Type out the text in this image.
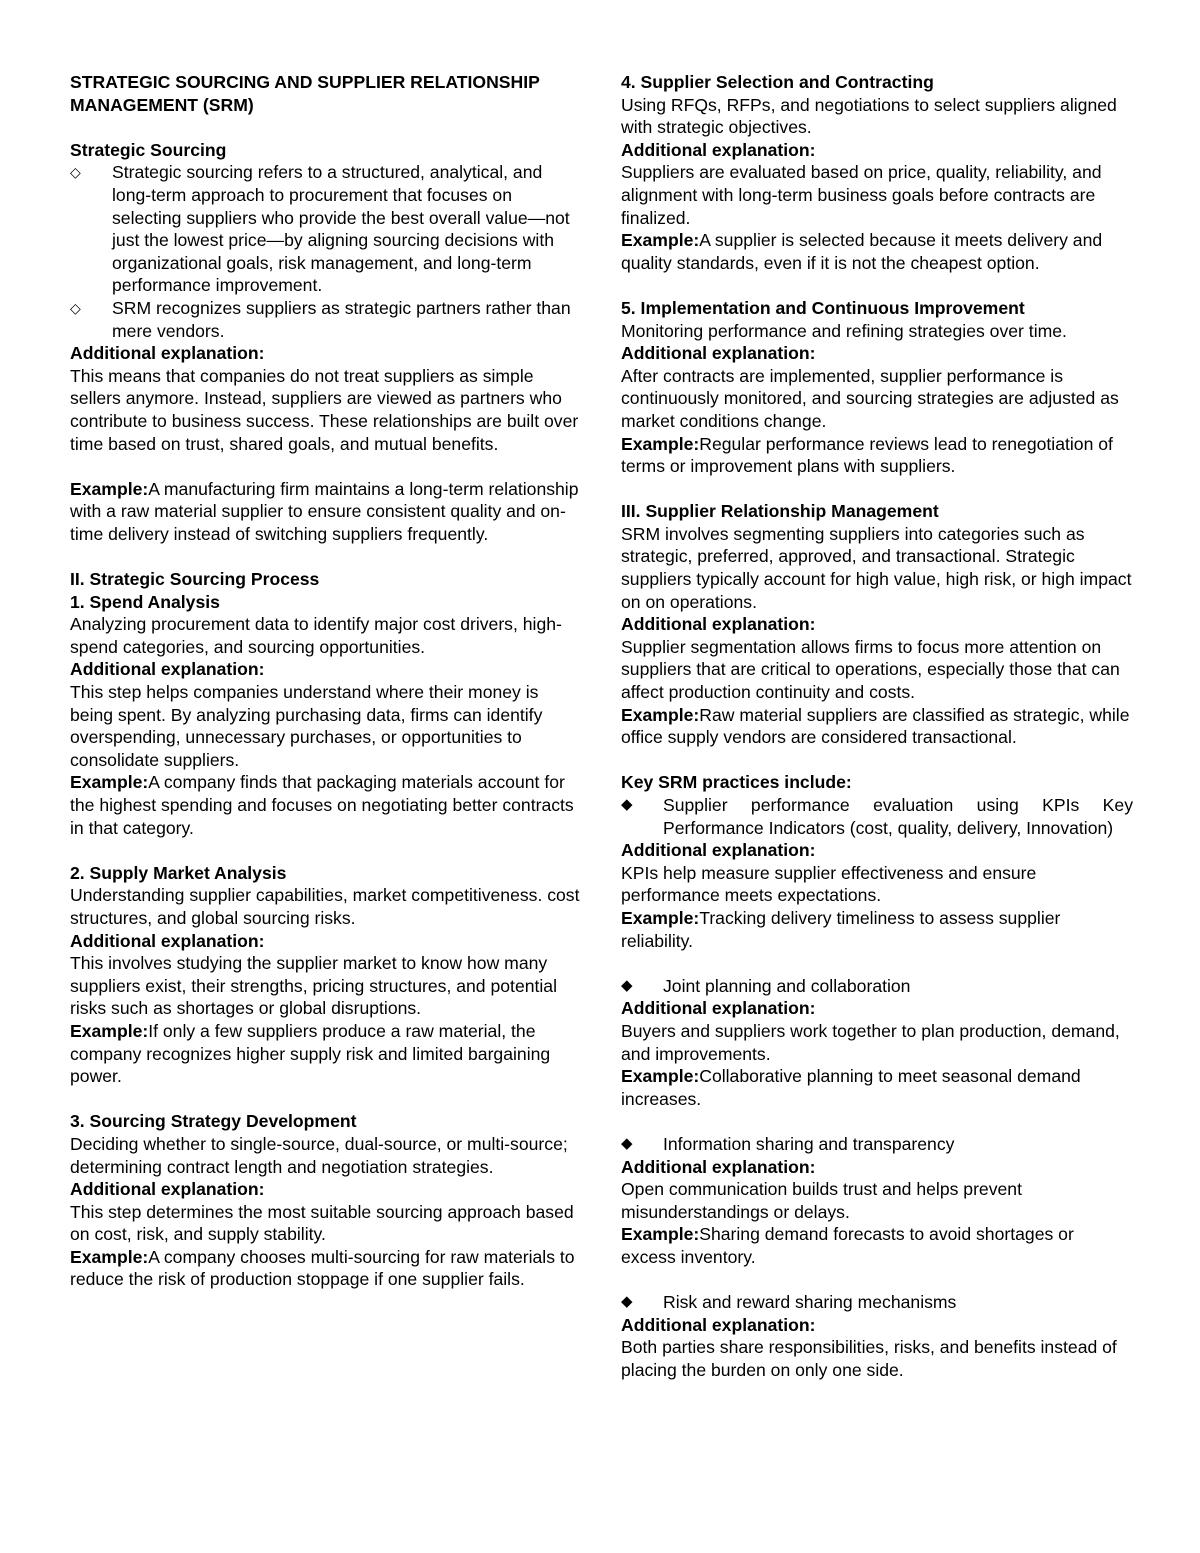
STRATEGIC SOURCING AND SUPPLIER RELATIONSHIP MANAGEMENT (SRM)

Strategic Sourcing

◇	Strategic sourcing refers to a structured, analytical, and long-term approach to procurement that focuses on selecting suppliers who provide the best overall value—not just the lowest price—by aligning sourcing decisions with organizational goals, risk management, and long-term performance improvement.
◇	SRM recognizes suppliers as strategic partners rather than mere vendors.

Additional explanation:

This means that companies do not treat suppliers as simple sellers anymore. Instead, suppliers are viewed as partners who contribute to business success. These relationships are built over time based on trust, shared goals, and mutual benefits.

Example:A manufacturing firm maintains a long-term relationship with a raw material supplier to ensure consistent quality and on-time delivery instead of switching suppliers frequently.

II. Strategic Sourcing Process

1. Spend Analysis

Analyzing procurement data to identify major cost drivers, high-spend categories, and sourcing opportunities.

Additional explanation:

This step helps companies understand where their money is being spent. By analyzing purchasing data, firms can identify overspending, unnecessary purchases, or opportunities to consolidate suppliers.

Example:A company finds that packaging materials account for the highest spending and focuses on negotiating better contracts in that category.

2. Supply Market Analysis

Understanding supplier capabilities, market competitiveness. cost structures, and global sourcing risks.

Additional explanation:

This involves studying the supplier market to know how many suppliers exist, their strengths, pricing structures, and potential risks such as shortages or global disruptions.

Example:If only a few suppliers produce a raw material, the company recognizes higher supply risk and limited bargaining power.

3. Sourcing Strategy Development

Deciding whether to single-source, dual-source, or multi-source; determining contract length and negotiation strategies.

Additional explanation:

This step determines the most suitable sourcing approach based on cost, risk, and supply stability.

Example:A company chooses multi-sourcing for raw materials to reduce the risk of production stoppage if one supplier fails.

4. Supplier Selection and Contracting

Using RFQs, RFPs, and negotiations to select suppliers aligned with strategic objectives.

Additional explanation:

Suppliers are evaluated based on price, quality, reliability, and alignment with long-term business goals before contracts are finalized.

Example:A supplier is selected because it meets delivery and quality standards, even if it is not the cheapest option.

5. Implementation and Continuous Improvement

Monitoring performance and refining strategies over time.

Additional explanation:

After contracts are implemented, supplier performance is continuously monitored, and sourcing strategies are adjusted as market conditions change.

Example:Regular performance reviews lead to renegotiation of terms or improvement plans with suppliers.

III. Supplier Relationship Management

SRM involves segmenting suppliers into categories such as strategic, preferred, approved, and transactional. Strategic suppliers typically account for high value, high risk, or high impact on on operations.

Additional explanation:

Supplier segmentation allows firms to focus more attention on suppliers that are critical to operations, especially those that can affect production continuity and costs.

Example:Raw material suppliers are classified as strategic, while office supply vendors are considered transactional.

Key SRM practices include:

◆	Supplier performance evaluation using KPIs Key Performance Indicators (cost, quality, delivery, Innovation)

Additional explanation:

KPIs help measure supplier effectiveness and ensure performance meets expectations.

Example:Tracking delivery timeliness to assess supplier reliability.

◆	Joint planning and collaboration

Additional explanation:

Buyers and suppliers work together to plan production, demand, and improvements.

Example:Collaborative planning to meet seasonal demand increases.

◆	Information sharing and transparency

Additional explanation:

Open communication builds trust and helps prevent misunderstandings or delays.

Example:Sharing demand forecasts to avoid shortages or excess inventory.

◆	Risk and reward sharing mechanisms

Additional explanation:

Both parties share responsibilities, risks, and benefits instead of placing the burden on only one side.
